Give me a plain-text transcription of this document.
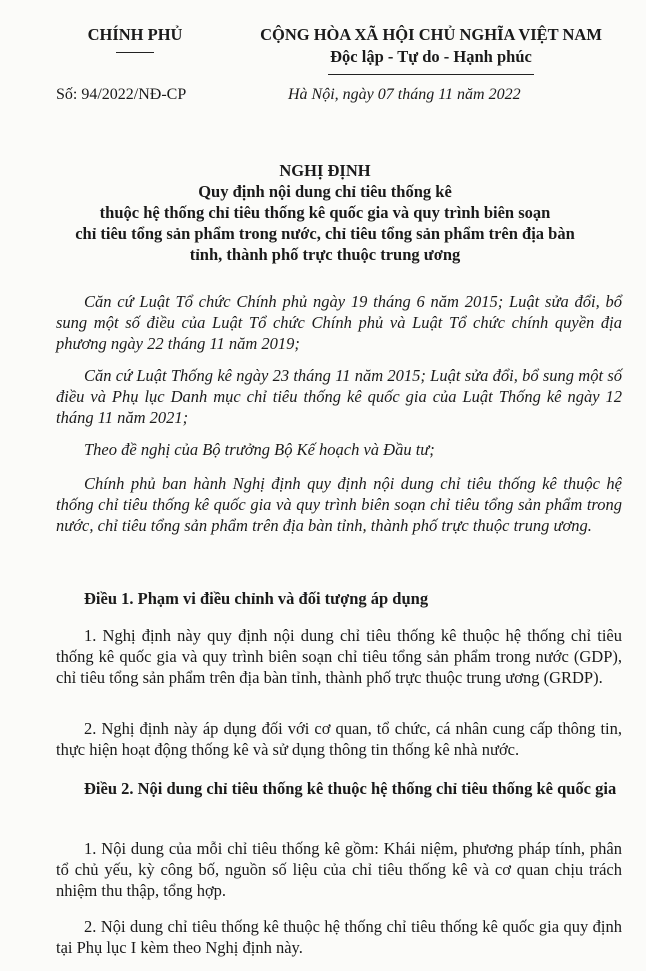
CHÍNH PHỦ	CỘNG HÒA XÃ HỘI CHỦ NGHĨA VIỆT NAM
Độc lập - Tự do - Hạnh phúc
Số: 94/2022/NĐ-CP	Hà Nội, ngày 07 tháng 11 năm 2022
NGHỊ ĐỊNH
Quy định nội dung chỉ tiêu thống kê
thuộc hệ thống chỉ tiêu thống kê quốc gia và quy trình biên soạn
chỉ tiêu tổng sản phẩm trong nước, chỉ tiêu tổng sản phẩm trên địa bàn
tỉnh, thành phố trực thuộc trung ương

Căn cứ Luật Tổ chức Chính phủ ngày 19 tháng 6 năm 2015; Luật sửa đổi, bổ sung một số điều của Luật Tổ chức Chính phủ và Luật Tổ chức chính quyền địa phương ngày 22 tháng 11 năm 2019;

Căn cứ Luật Thống kê ngày 23 tháng 11 năm 2015; Luật sửa đổi, bổ sung một số điều và Phụ lục Danh mục chỉ tiêu thống kê quốc gia của Luật Thống kê ngày 12 tháng 11 năm 2021;

Theo đề nghị của Bộ trưởng Bộ Kế hoạch và Đầu tư;

Chính phủ ban hành Nghị định quy định nội dung chỉ tiêu thống kê thuộc hệ thống chỉ tiêu thống kê quốc gia và quy trình biên soạn chỉ tiêu tổng sản phẩm trong nước, chỉ tiêu tổng sản phẩm trên địa bàn tỉnh, thành phố trực thuộc trung ương.

Điều 1. Phạm vi điều chỉnh và đối tượng áp dụng

1. Nghị định này quy định nội dung chỉ tiêu thống kê thuộc hệ thống chỉ tiêu thống kê quốc gia và quy trình biên soạn chỉ tiêu tổng sản phẩm trong nước (GDP), chỉ tiêu tổng sản phẩm trên địa bàn tỉnh, thành phố trực thuộc trung ương (GRDP).

2. Nghị định này áp dụng đối với cơ quan, tổ chức, cá nhân cung cấp thông tin, thực hiện hoạt động thống kê và sử dụng thông tin thống kê nhà nước.

Điều 2. Nội dung chỉ tiêu thống kê thuộc hệ thống chỉ tiêu thống kê quốc gia

1. Nội dung của mỗi chỉ tiêu thống kê gồm: Khái niệm, phương pháp tính, phân tổ chủ yếu, kỳ công bố, nguồn số liệu của chỉ tiêu thống kê và cơ quan chịu trách nhiệm thu thập, tổng hợp.

2. Nội dung chỉ tiêu thống kê thuộc hệ thống chỉ tiêu thống kê quốc gia quy định tại Phụ lục I kèm theo Nghị định này.
